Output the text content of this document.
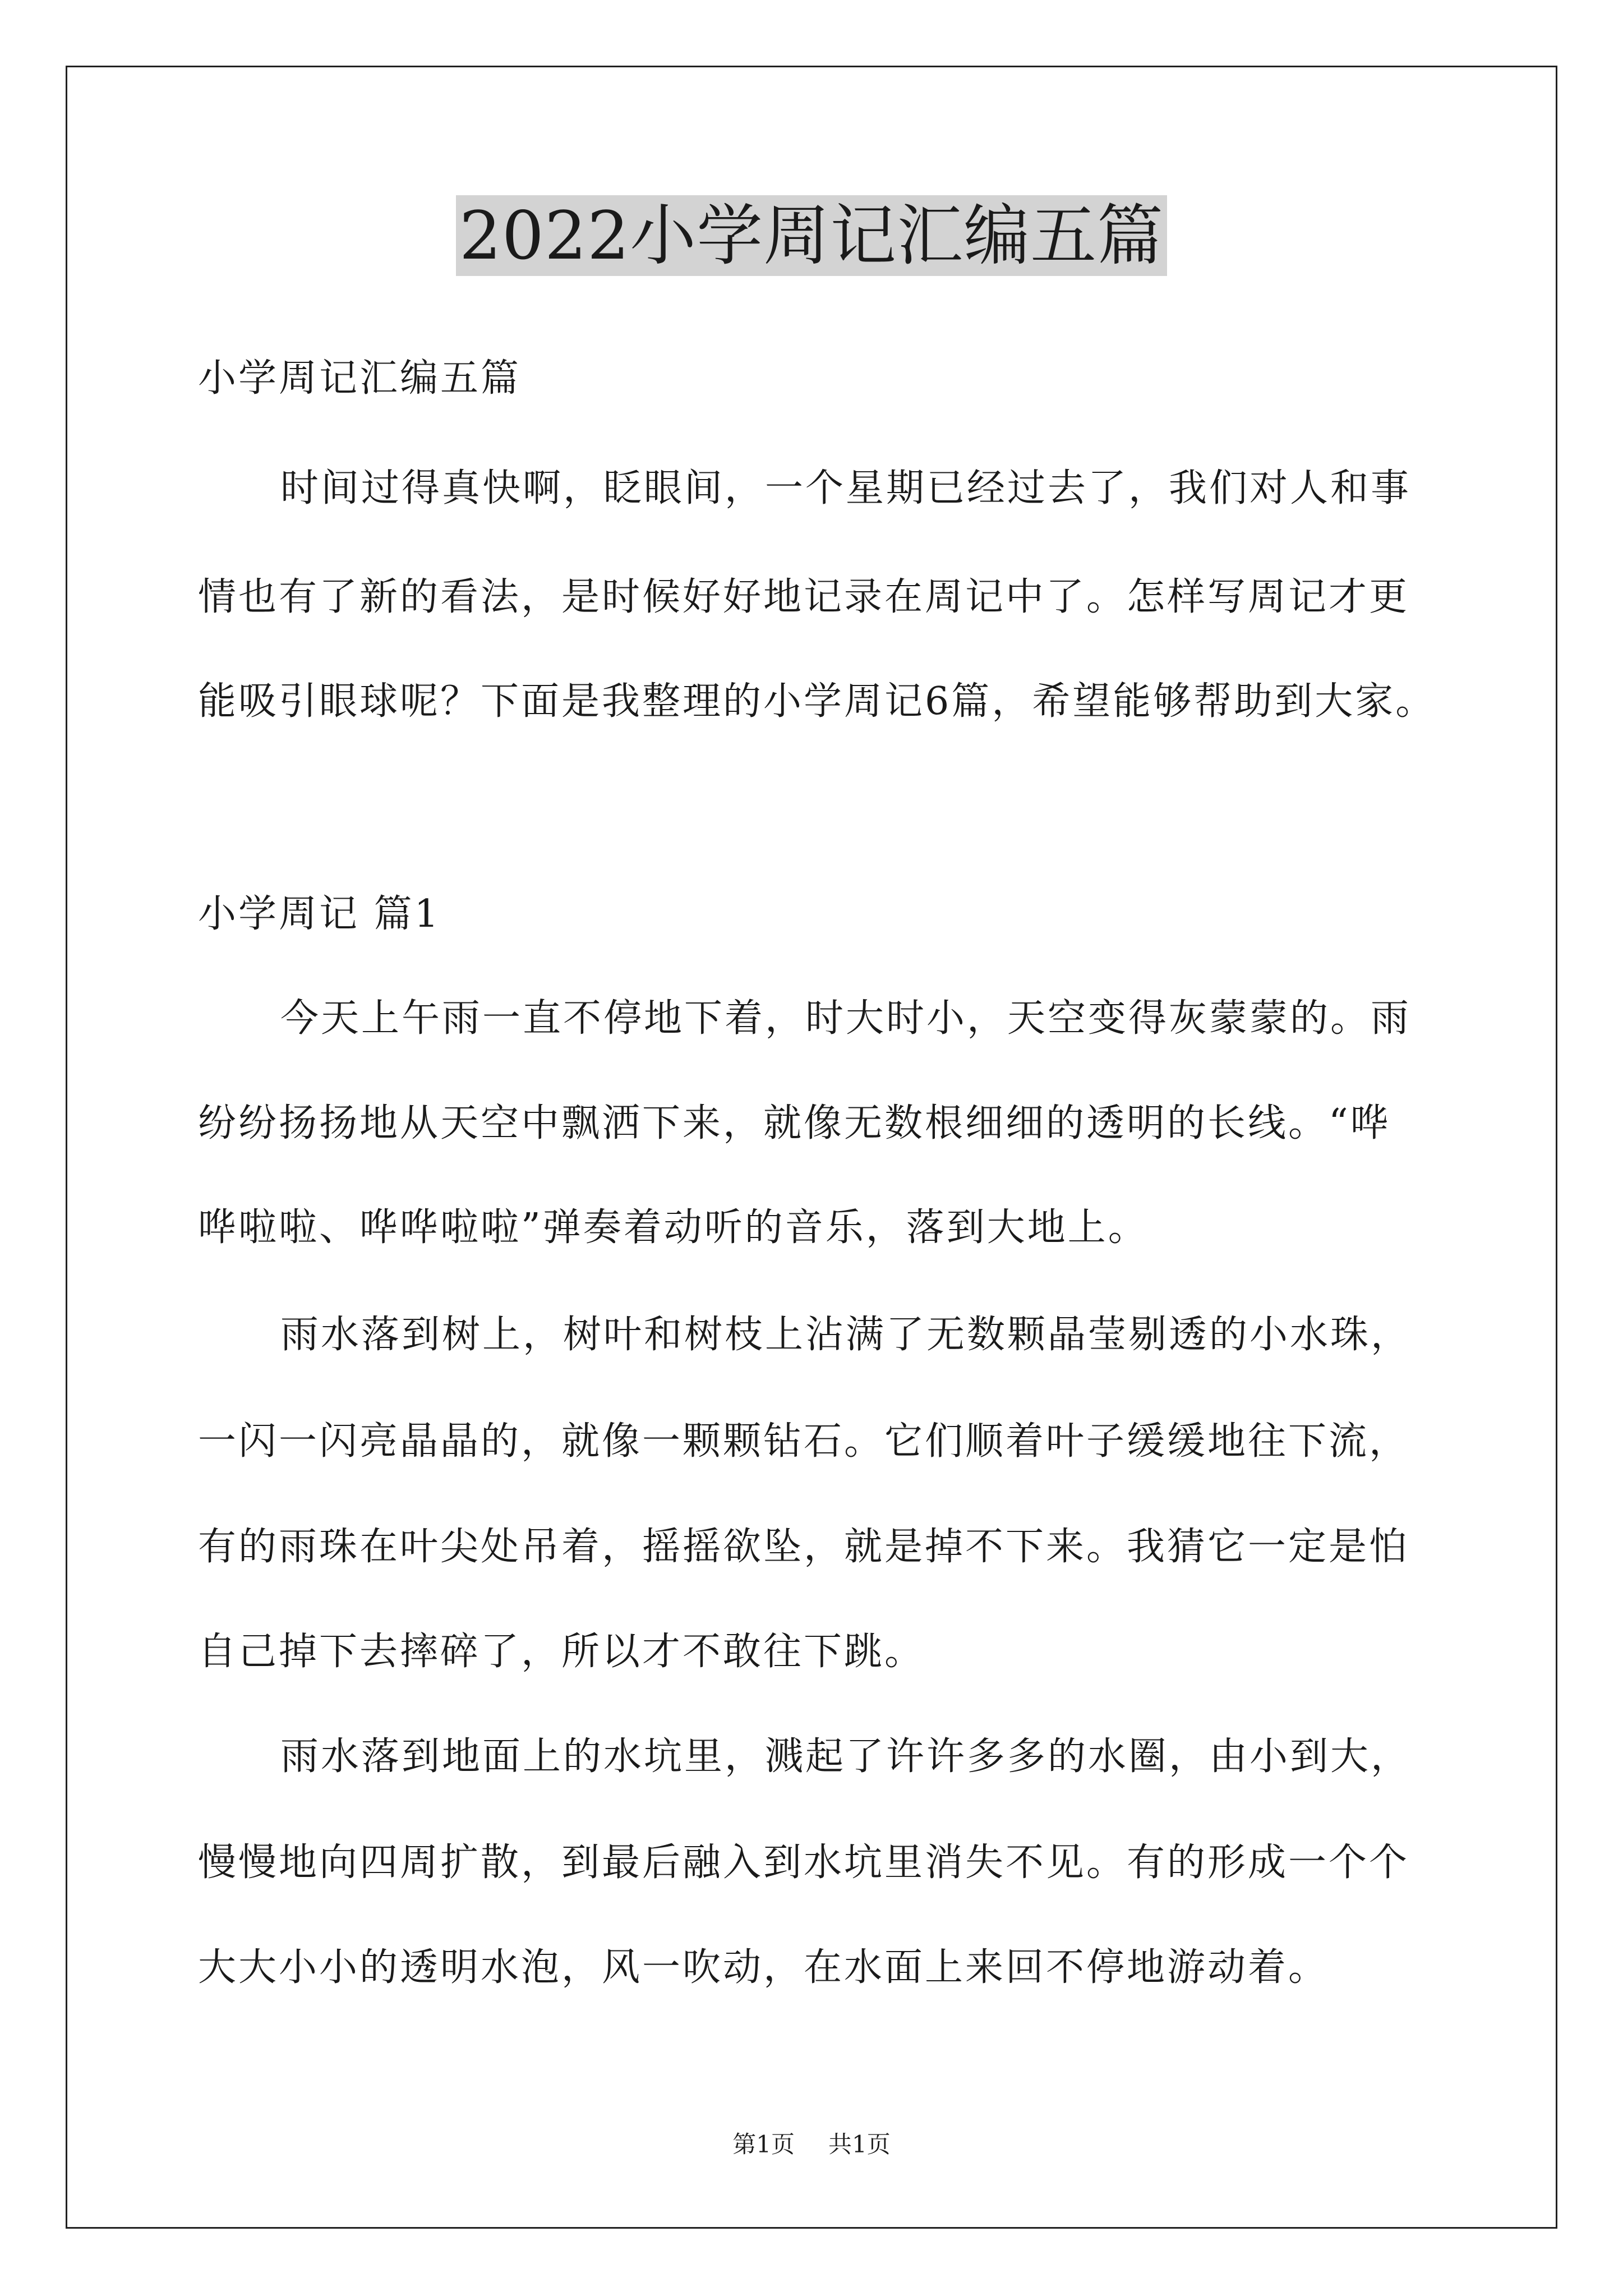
2022小学周记汇编五篇
小学周记汇编五篇
时间过得真快啊，眨眼间，一个星期已经过去了，我们对人和事
情也有了新的看法，是时候好好地记录在周记中了。怎样写周记才更
能吸引眼球呢？下面是我整理的小学周记6篇，希望能够帮助到大家。
小学周记 篇1
今天上午雨一直不停地下着，时大时小，天空变得灰蒙蒙的。雨
纷纷扬扬地从天空中飘洒下来，就像无数根细细的透明的长线。“哗
哗啦啦、哗哗啦啦”弹奏着动听的音乐，落到大地上。
雨水落到树上，树叶和树枝上沾满了无数颗晶莹剔透的小水珠，
一闪一闪亮晶晶的，就像一颗颗钻石。它们顺着叶子缓缓地往下流，
有的雨珠在叶尖处吊着，摇摇欲坠，就是掉不下来。我猜它一定是怕
自己掉下去摔碎了，所以才不敢往下跳。
雨水落到地面上的水坑里，溅起了许许多多的水圈，由小到大，
慢慢地向四周扩散，到最后融入到水坑里消失不见。有的形成一个个
大大小小的透明水泡，风一吹动，在水面上来回不停地游动着。
第1页 共1页
